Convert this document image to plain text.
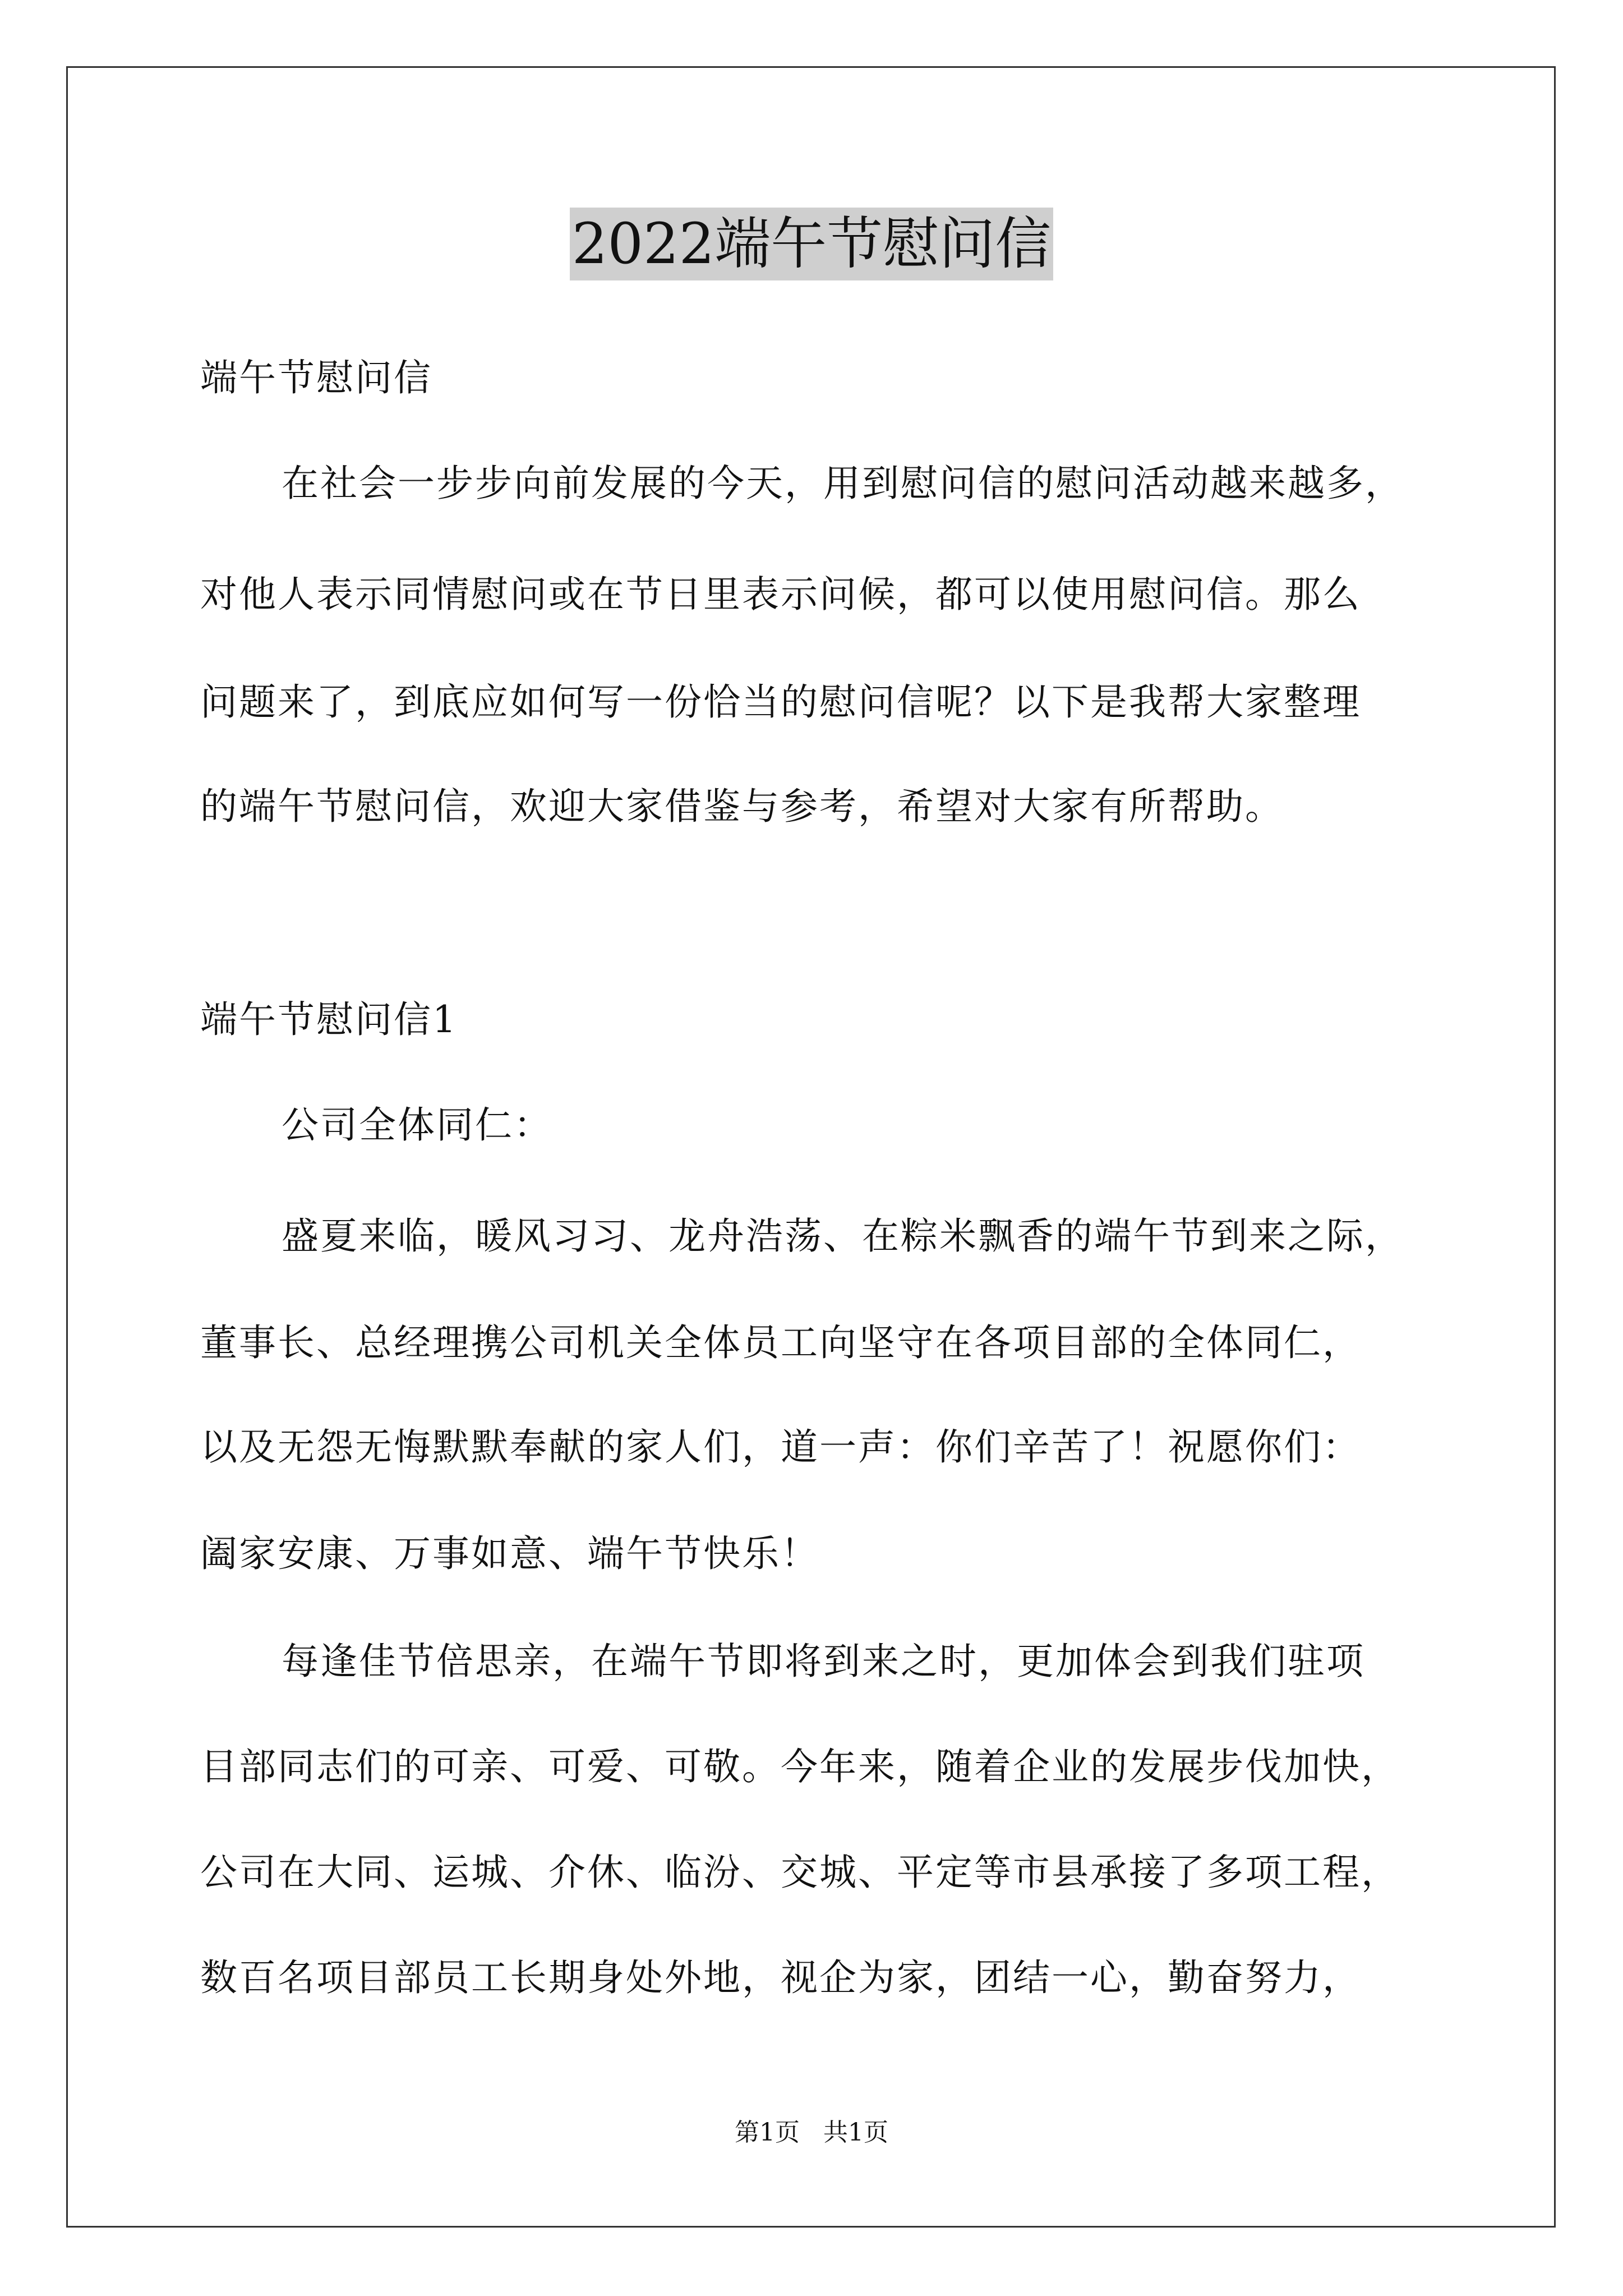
2022端午节慰问信
端午节慰问信
在社会一步步向前发展的今天，用到慰问信的慰问活动越来越多，
对他人表示同情慰问或在节日里表示问候，都可以使用慰问信。那么
问题来了，到底应如何写一份恰当的慰问信呢？以下是我帮大家整理
的端午节慰问信，欢迎大家借鉴与参考，希望对大家有所帮助。
端午节慰问信1
公司全体同仁：
盛夏来临，暖风习习、龙舟浩荡、在粽米飘香的端午节到来之际，
董事长、总经理携公司机关全体员工向坚守在各项目部的全体同仁，
以及无怨无悔默默奉献的家人们，道一声：你们辛苦了！祝愿你们：
阖家安康、万事如意、端午节快乐！
每逢佳节倍思亲，在端午节即将到来之时，更加体会到我们驻项
目部同志们的可亲、可爱、可敬。今年来，随着企业的发展步伐加快，
公司在大同、运城、介休、临汾、交城、平定等市县承接了多项工程，
数百名项目部员工长期身处外地，视企为家，团结一心，勤奋努力，
第1页   共1页
